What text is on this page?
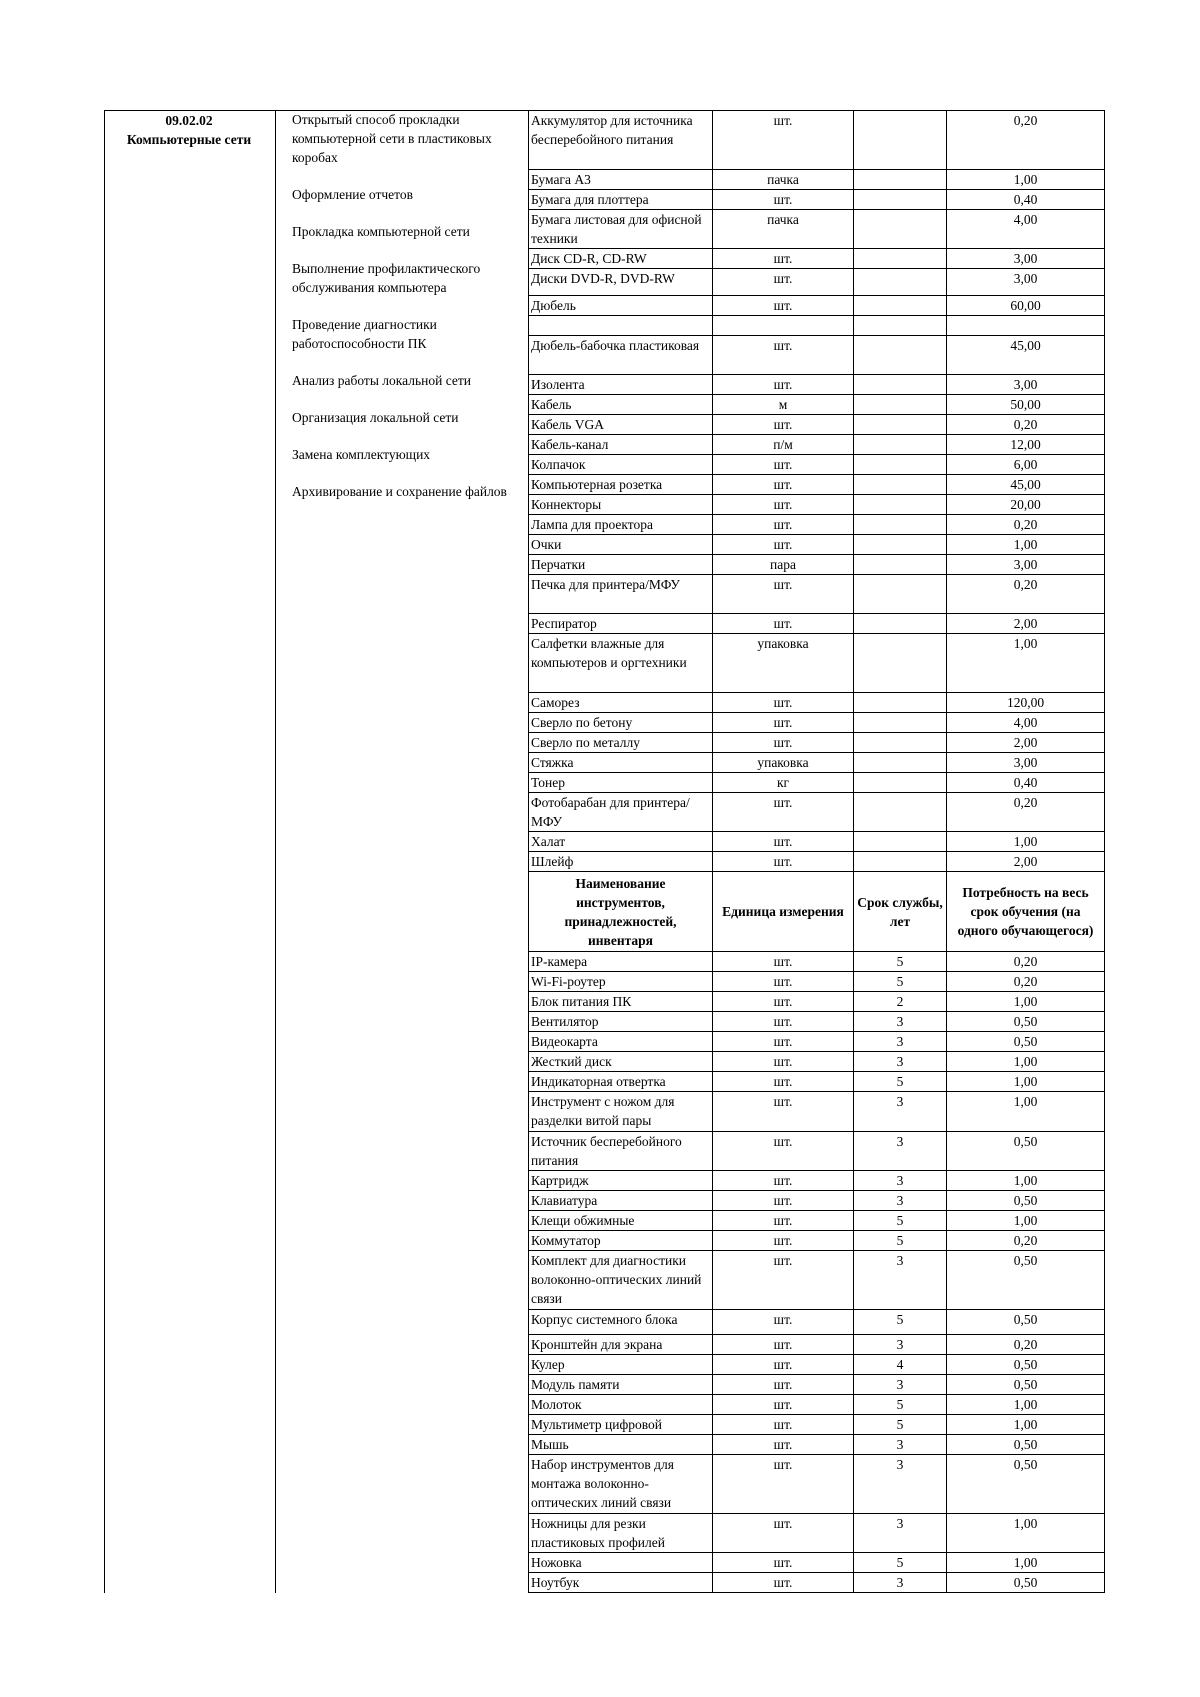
09.02.02
Компьютерные сети
Открытый способ прокладки компьютерной сети в пластиковых коробах
Оформление отчетов
Прокладка компьютерной сети
Выполнение профилактического обслуживания компьютера
Проведение диагностики работоспособности ПК
Анализ работы локальной сети
Организация локальной сети
Замена комплектующих
Архивирование и сохранение файлов
Аккумулятор для источника бесперебойного питания	шт.		0,20
Бумага А3	пачка		1,00
Бумага для плоттера	шт.		0,40
Бумага листовая для офисной техники	пачка		4,00
Диск CD-R, CD-RW	шт.		3,00
Диски DVD-R, DVD-RW	шт.		3,00
Дюбель	шт.		60,00

Дюбель-бабочка пластиковая	шт.		45,00
Изолента	шт.		3,00
Кабель	м		50,00
Кабель VGA	шт.		0,20
Кабель-канал	п/м		12,00
Колпачок	шт.		6,00
Компьютерная розетка	шт.		45,00
Коннекторы	шт.		20,00
Лампа для проектора	шт.		0,20
Очки	шт.		1,00
Перчатки	пара		3,00
Печка для принтера/МФУ	шт.		0,20
Респиратор	шт.		2,00
Салфетки влажные для компьютеров и оргтехники	упаковка		1,00
Саморез	шт.		120,00
Сверло по бетону	шт.		4,00
Сверло по металлу	шт.		2,00
Стяжка	упаковка		3,00
Тонер	кг		0,40
Фотобарабан для принтера/МФУ	шт.		0,20
Халат	шт.		1,00
Шлейф	шт.		2,00
Наименование инструментов, принадлежностей, инвентаря	Единица измерения	Срок службы, лет	Потребность на весь срок обучения (на одного обучающегося)
IP-камера	шт.	5	0,20
Wi-Fi-роутер	шт.	5	0,20
Блок питания ПК	шт.	2	1,00
Вентилятор	шт.	3	0,50
Видеокарта	шт.	3	0,50
Жесткий диск	шт.	3	1,00
Индикаторная отвертка	шт.	5	1,00
Инструмент с ножом для разделки витой пары	шт.	3	1,00
Источник бесперебойного питания	шт.	3	0,50
Картридж	шт.	3	1,00
Клавиатура	шт.	3	0,50
Клещи обжимные	шт.	5	1,00
Коммутатор	шт.	5	0,20
Комплект для диагностики волоконно-оптических линий связи	шт.	3	0,50
Корпус системного блока	шт.	5	0,50
Кронштейн для экрана	шт.	3	0,20
Кулер	шт.	4	0,50
Модуль памяти	шт.	3	0,50
Молоток	шт.	5	1,00
Мультиметр цифровой	шт.	5	1,00
Мышь	шт.	3	0,50
Набор инструментов для монтажа волоконно-оптических линий связи	шт.	3	0,50
Ножницы для резки пластиковых профилей	шт.	3	1,00
Ножовка	шт.	5	1,00
Ноутбук	шт.	3	0,50
